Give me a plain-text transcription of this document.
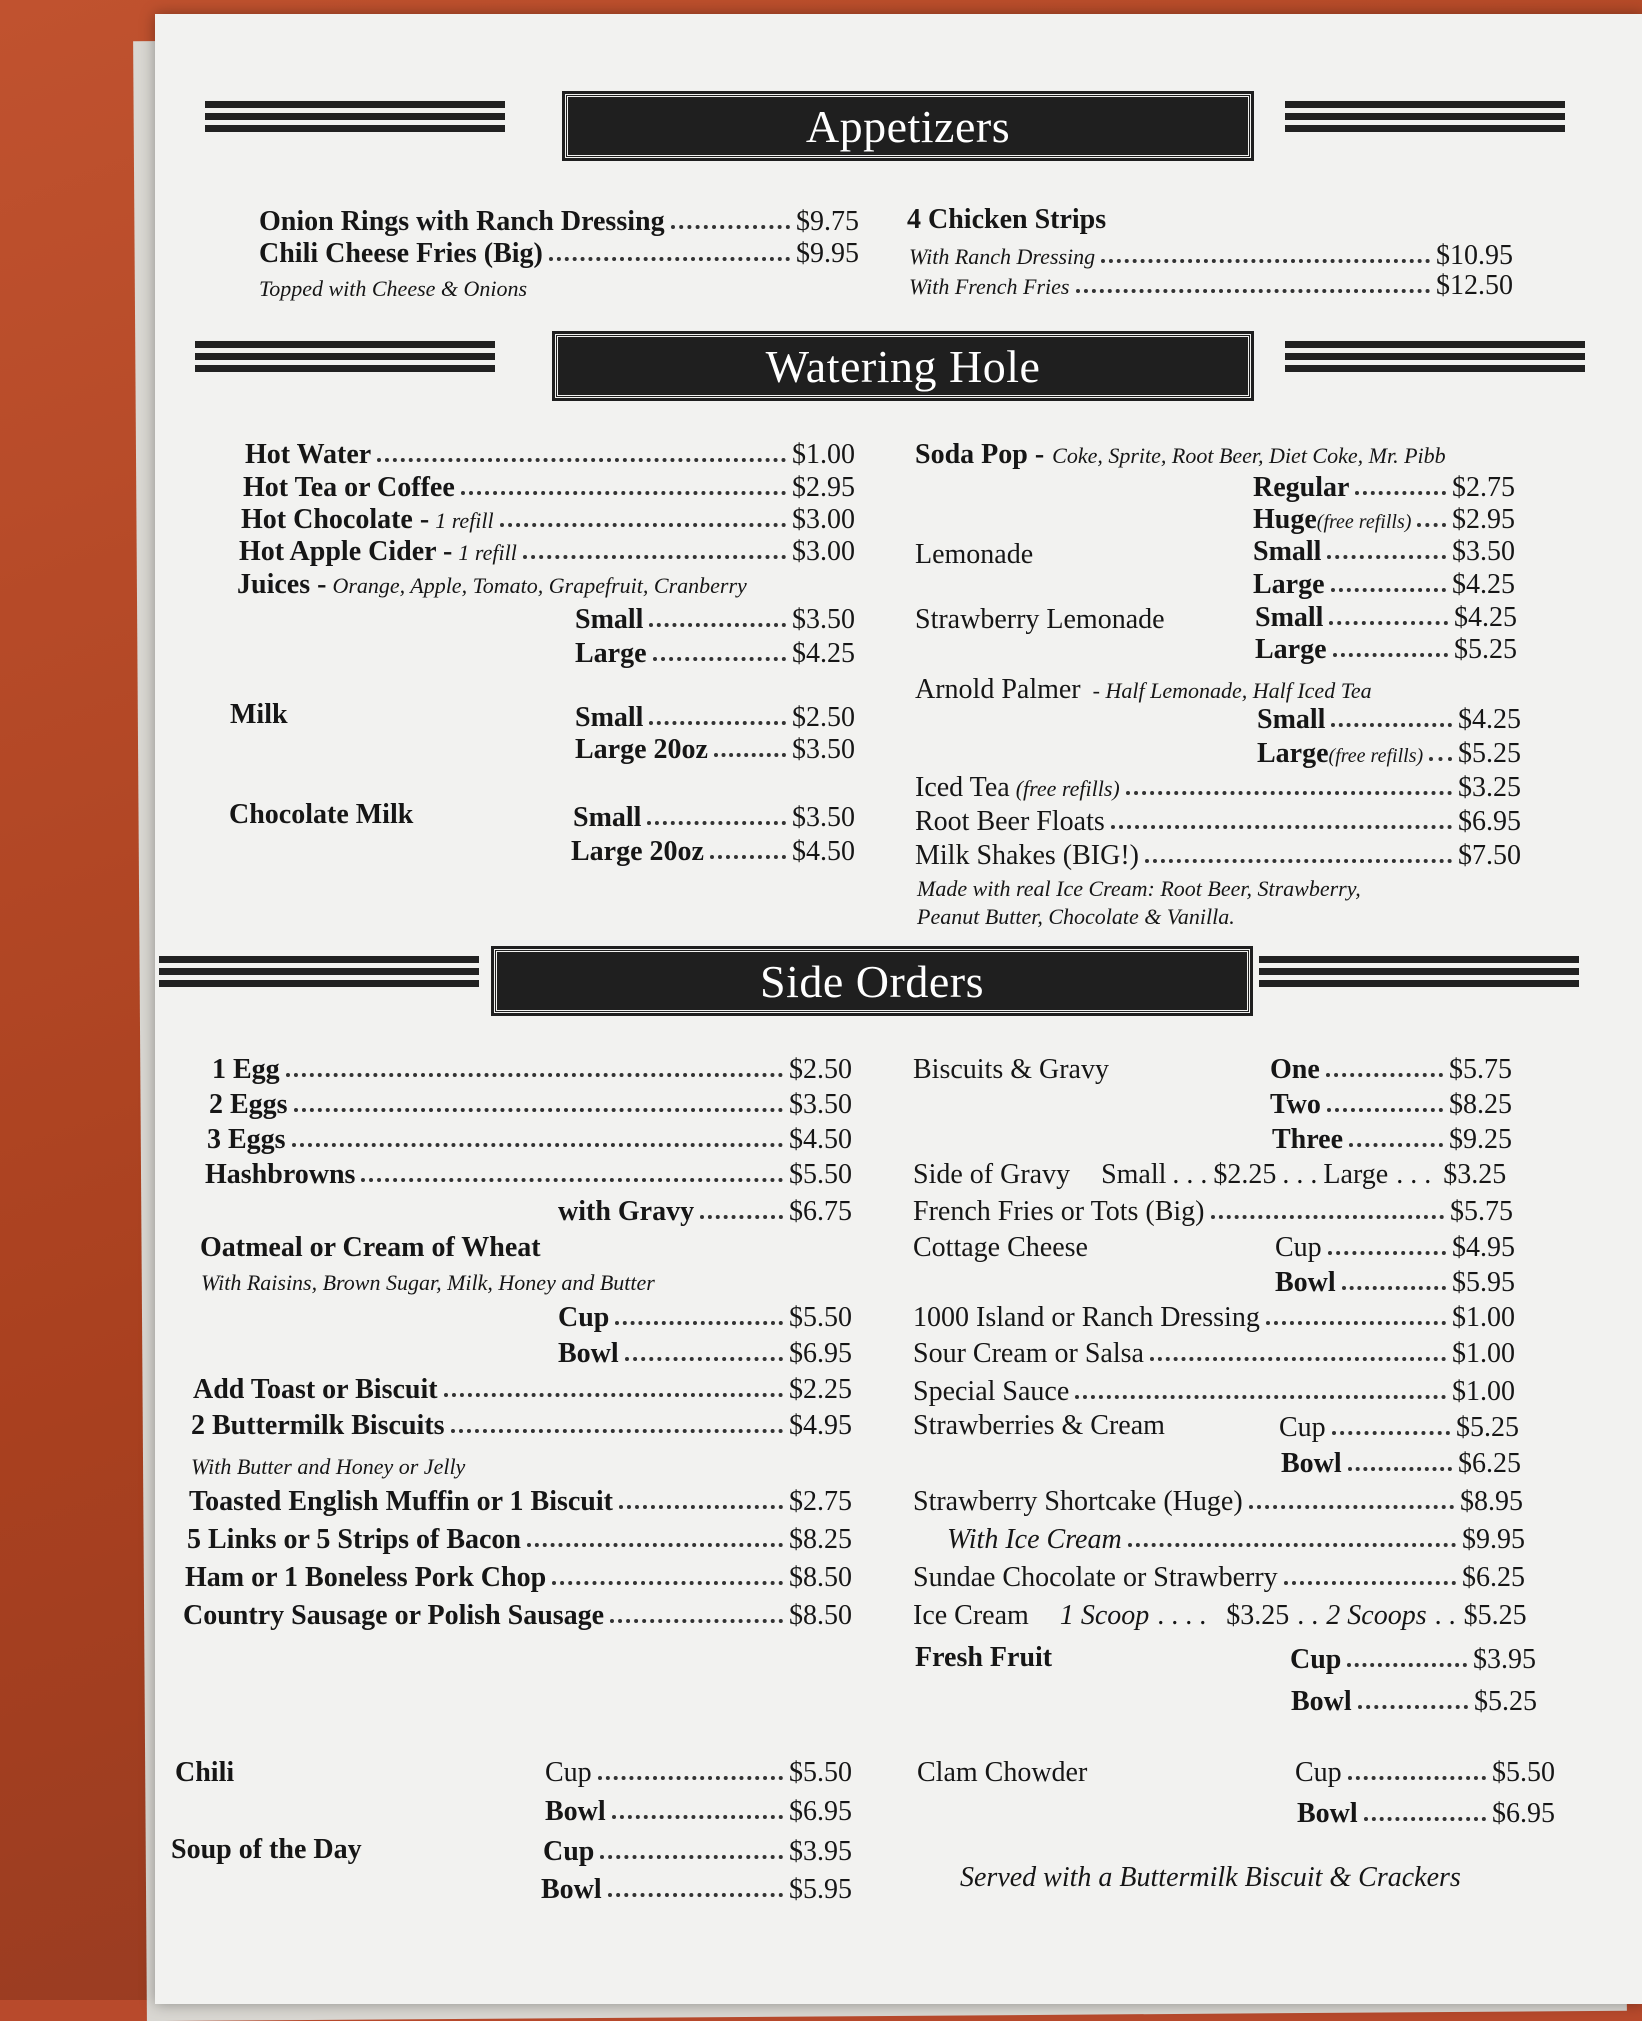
Appetizers
Onion Rings with Ranch Dressing	$9.75
Chili Cheese Fries (Big)	$9.95
Topped with Cheese & Onions
4 Chicken Strips
With Ranch Dressing	$10.95
With French Fries	$12.50
Watering Hole
Hot Water	$1.00
Hot Tea or Coffee	$2.95
Hot Chocolate - 1 refill	$3.00
Hot Apple Cider - 1 refill	$3.00
Juices - Orange, Apple, Tomato, Grapefruit, Cranberry
Small	$3.50
Large	$4.25
Milk	Small	$2.50
Large 20oz	$3.50
Chocolate Milk	Small	$3.50
Large 20oz	$4.50
Soda Pop - Coke, Sprite, Root Beer, Diet Coke, Mr. Pibb
Regular	$2.75
Huge (free refills) $2.95
Lemonade	Small	$3.50
Large	$4.25
Strawberry Lemonade	Small	$4.25
Large	$5.25
Arnold Palmer - Half Lemonade, Half Iced Tea
Small	$4.25
Large (free refills) $5.25
Iced Tea (free refills)	$3.25
Root Beer Floats	$6.95
Milk Shakes (BIG!)	$7.50
Made with real Ice Cream: Root Beer, Strawberry,
Peanut Butter, Chocolate & Vanilla.
Side Orders
1 Egg	$2.50
2 Eggs	$3.50
3 Eggs	$4.50
Hashbrowns	$5.50
with Gravy	$6.75
Oatmeal or Cream of Wheat
With Raisins, Brown Sugar, Milk, Honey and Butter
Cup	$5.50
Bowl	$6.95
Add Toast or Biscuit	$2.25
2 Buttermilk Biscuits	$4.95
With Butter and Honey or Jelly
Toasted English Muffin or 1 Biscuit	$2.75
5 Links or 5 Strips of Bacon	$8.25
Ham or 1 Boneless Pork Chop	$8.50
Country Sausage or Polish Sausage	$8.50
Biscuits & Gravy	One	$5.75
Two	$8.25
Three	$9.25
Side of Gravy Small . . . $2.25 . . . Large . . . $3.25
French Fries or Tots (Big)	$5.75
Cottage Cheese	Cup	$4.95
Bowl	$5.95
1000 Island or Ranch Dressing	$1.00
Sour Cream or Salsa	$1.00
Special Sauce	$1.00
Strawberries & Cream	Cup	$5.25
Bowl	$6.25
Strawberry Shortcake (Huge)	$8.95
With Ice Cream	$9.95
Sundae Chocolate or Strawberry	$6.25
Ice Cream 1 Scoop . . . . $3.25 . . 2 Scoops . . $5.25
Fresh Fruit	Cup	$3.95
Bowl	$5.25
Chili	Cup	$5.50
Bowl	$6.95
Soup of the Day	Cup	$3.95
Bowl	$5.95
Clam Chowder	Cup	$5.50
Bowl	$6.95
Served with a Buttermilk Biscuit & Crackers
